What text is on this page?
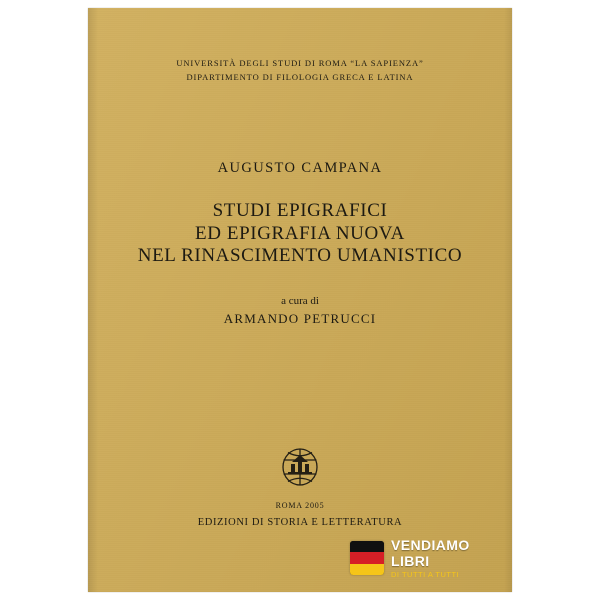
UNIVERSITÀ DEGLI STUDI DI ROMA “LA SAPIENZA”
DIPARTIMENTO DI FILOLOGIA GRECA E LATINA
AUGUSTO CAMPANA
STUDI EPIGRAFICI
ED EPIGRAFIA NUOVA
NEL RINASCIMENTO UMANISTICO
a cura di
ARMANDO PETRUCCI
ROMA 2005
EDIZIONI DI STORIA E LETTERATURA
VENDIAMO
LIBRI
DI TUTTI A TUTTI
